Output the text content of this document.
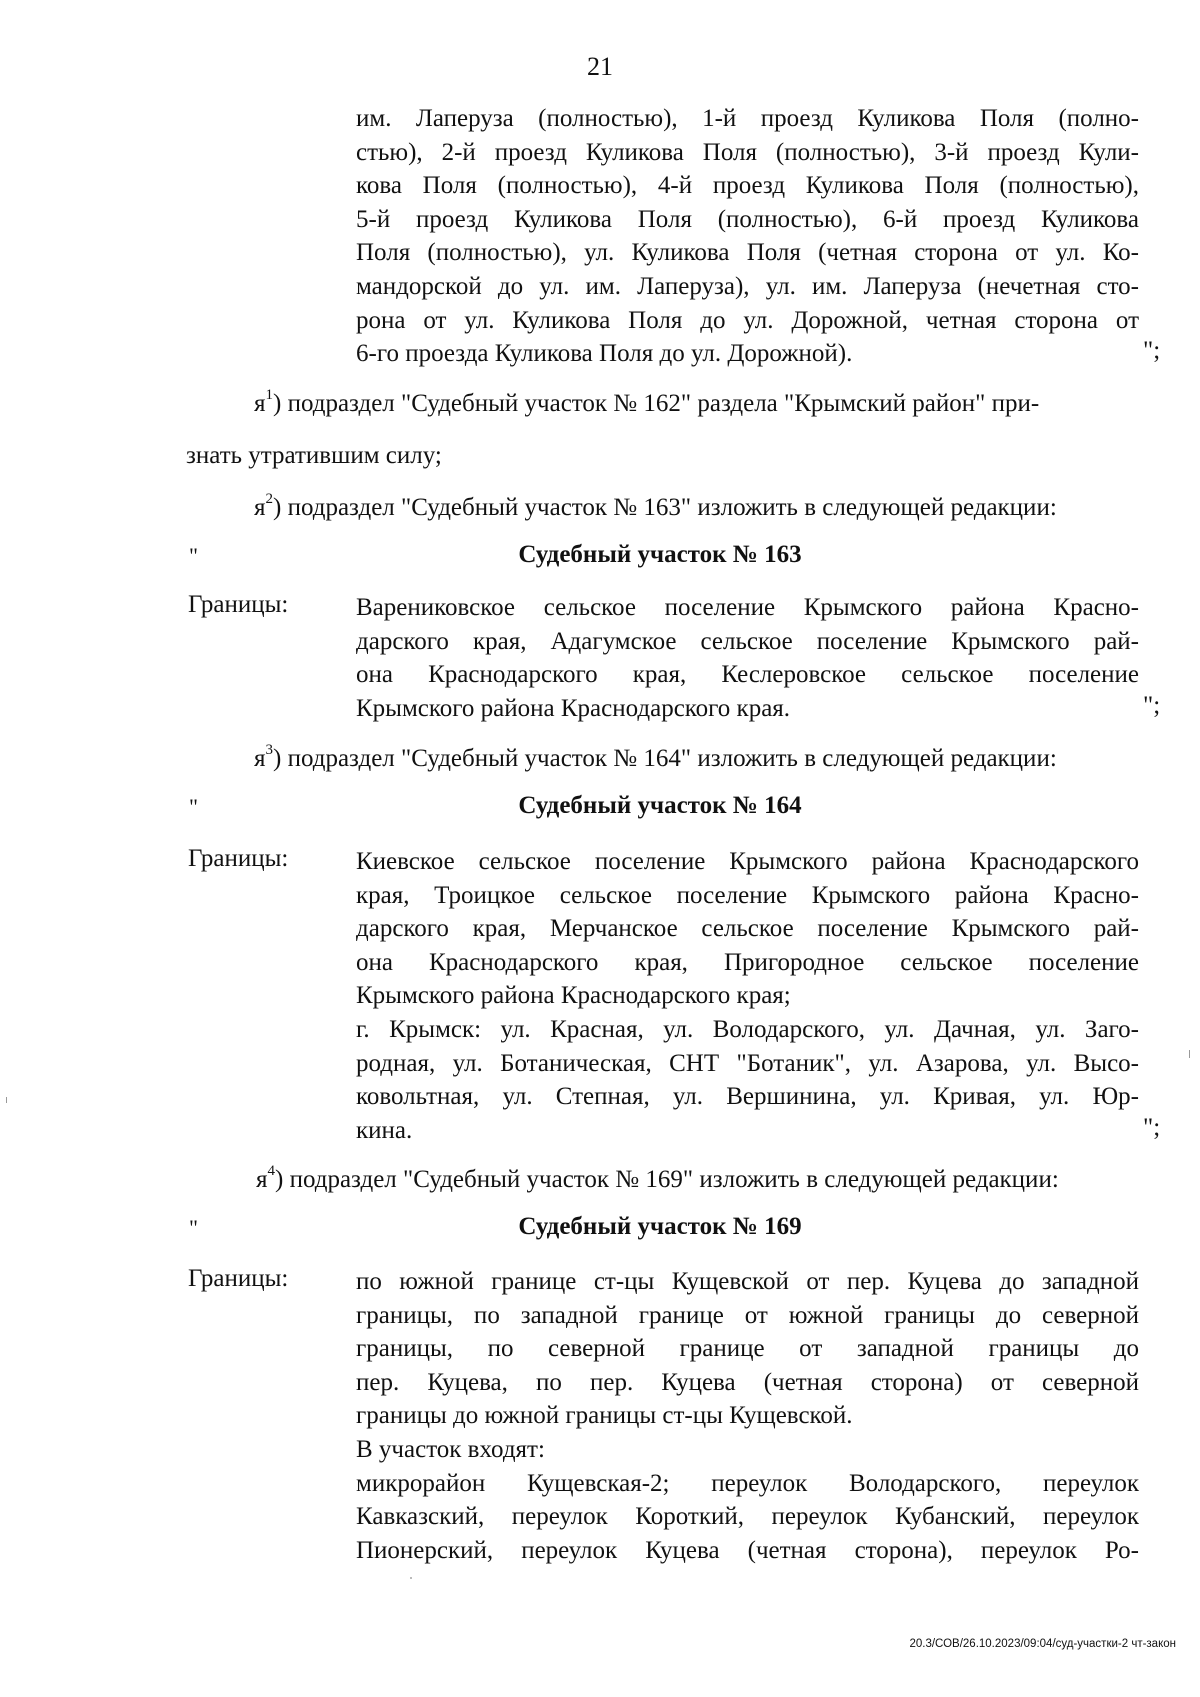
21
им. Лаперуза (полностью), 1-й проезд Куликова Поля (полно-
стью), 2-й проезд Куликова Поля (полностью), 3-й проезд Кули-
кова Поля (полностью), 4-й проезд Куликова Поля (полностью),
5-й проезд Куликова Поля (полностью), 6-й проезд Куликова
Поля (полностью), ул. Куликова Поля (четная сторона от ул. Ко-
мандорской до ул. им. Лаперуза), ул. им. Лаперуза (нечетная сто-
рона от ул. Куликова Поля до ул. Дорожной, четная сторона от
6-го проезда Куликова Поля до ул. Дорожной).	";
$я^1$) подраздел "Судебный участок № 162" раздела "Крымский район" при-
знать утратившим силу;
$я^2$) подраздел "Судебный участок № 163" изложить в следующей редакции:
"	Судебный участок № 163
Границы:	Варениковское сельское поселение Крымского района Красно-
дарского края, Адагумское сельское поселение Крымского рай-
она Краснодарского края, Кеслеровское сельское поселение
Крымского района Краснодарского края.	";
$я^3$) подраздел "Судебный участок № 164" изложить в следующей редакции:
"	Судебный участок № 164
Границы:	Киевское сельское поселение Крымского района Краснодарского
края, Троицкое сельское поселение Крымского района Красно-
дарского края, Мерчанское сельское поселение Крымского рай-
она Краснодарского края, Пригородное сельское поселение
Крымского района Краснодарского края;
г. Крымск: ул. Красная, ул. Володарского, ул. Дачная, ул. Заго-
родная, ул. Ботаническая, СНТ "Ботаник", ул. Азарова, ул. Высо-
ковольтная, ул. Степная, ул. Вершинина, ул. Кривая, ул. Юр-
кина.	";
$я^4$) подраздел "Судебный участок № 169" изложить в следующей редакции:
"	Судебный участок № 169
Границы:	по южной границе ст-цы Кущевской от пер. Куцева до западной
границы, по западной границе от южной границы до северной
границы, по северной границе от западной границы до
пер. Куцева, по пер. Куцева (четная сторона) от северной
границы до южной границы ст-цы Кущевской.
В участок входят:
микрорайон Кущевская-2; переулок Володарского, переулок
Кавказский, переулок Короткий, переулок Кубанский, переулок
Пионерский, переулок Куцева (четная сторона), переулок Ро-
20.3/СОВ/26.10.2023/09:04/суд-участки-2 чт-закон
